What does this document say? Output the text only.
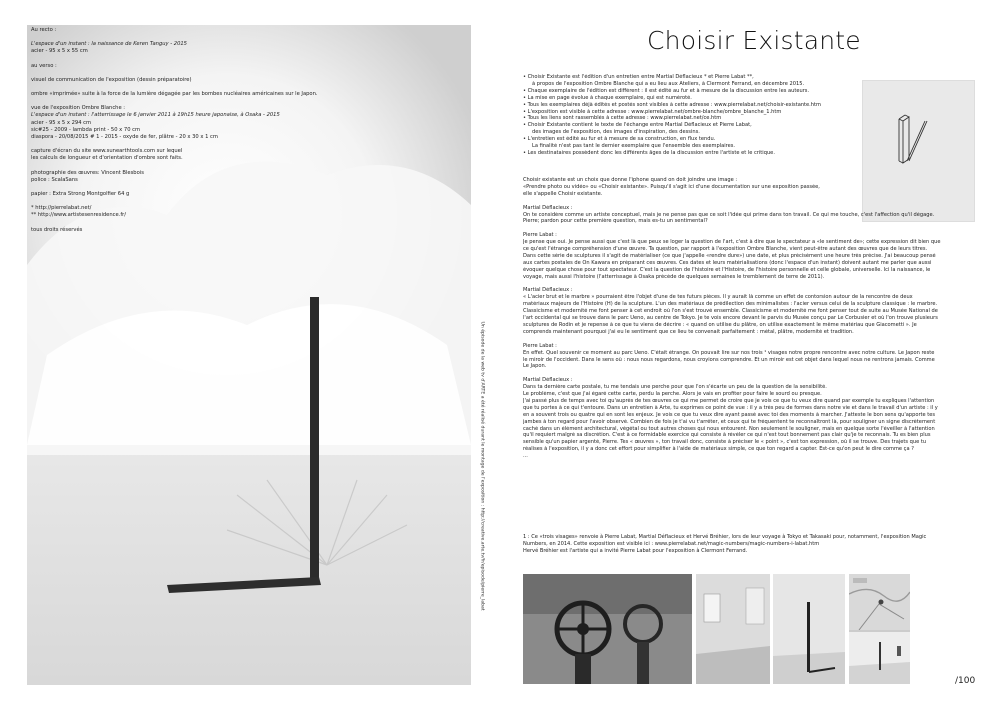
Au recto :
L'espace d'un instant : la naissance de Keren Tanguy - 2015
acier - 95 x 5 x 55 cm
au verso :
visuel de communication de l'exposition (dessin préparatoire)
ombre «imprimée» suite à la force de la lumière dégagée par les bombes nucléaires américaines sur le Japon.
vue de l'exposition Ombre Blanche :
L'espace d'un instant : l'atterrissage le 6 janvier 2011 à 19h15 heure japonaise, à Osaka - 2015
acier - 95 x 5 x 294 cm
sic#25 - 2009 - lambda print - 50 x 70 cm
diaspora - 20/08/2015 # 1 - 2015 - oxyde de fer, plâtre - 20 x 30 x 1 cm
capture d'écran du site www.sunearthtools.com sur lequel
les calculs de longueur et d'orientation d'ombre sont faits.
photographie des œuvres: Vincent Blesbois
police : ScalaSans
papier : Extra Strong Montgolfier 64 g
* http://pierrelabat.net/
** http://www.artistesenresidence.fr/
tous droits réservés
Un épisode de la web tv d'ARTE a été réalisé durant le montage de l'exposition : http://creative.arte.tv/fr/episode/pierre_labat
Choisir Existante
• Choisir Existante est l'édition d'un entretien entre Martial Déflacieux * et Pierre Labat **,
à propos de l'exposition Ombre Blanche qui a eu lieu aux Ateliers, à Clermont Ferrand, en décembre 2015.
• Chaque exemplaire de l'édition est différent : il est édité au fur et à mesure de la discussion entre les auteurs.
• La mise en page évolue à chaque exemplaire, qui est numéroté.
• Tous les exemplaires déjà édités et postés sont visibles à cette adresse : www.pierrelabat.net/choisir-existante.htm
• L'exposition est visible à cette adresse : www.pierrelabat.net/ombre-blanche/ombre_blanche_1.htm
• Tous les liens sont rassemblés à cette adresse : www.pierrelabat.net/ce.htm
• Choisir Existante contient le texte de l'échange entre Martial Déflacieux et Pierre Labat,
des images de l'exposition, des images d'inspiration, des dessins.
• L'entretien est édité au fur et à mesure de sa construction, en flux tendu.
La finalité n'est pas tant le dernier exemplaire que l'ensemble des exemplaires.
• Les destinataires possèdent donc les différents âges de la discussion entre l'artiste et le critique.
Choisir existante est un choix que donne l'iphone quand on doit joindre une image :
«Prendre photo ou vidéo» ou «Choisir existante». Puisqu'il s'agit ici d'une documentation sur une exposition passée,
elle s'appelle Choisir existante.
Martial Déflacieux :
On te considère comme un artiste conceptuel, mais je ne pense pas que ce soit l'idée qui prime dans ton travail. Ce qui me touche, c'est l'affection qu'il dégage.
Pierre; pardon pour cette première question, mais es-tu un sentimental?
Pierre Labat :
Je pense que oui. Je pense aussi que c'est là que peux se loger la question de l'art, c'est à dire que le spectateur a «le sentiment de»; cette expression dit bien que
ce qu'est l'étrange compréhension d'une œuvre. Ta question, par rapport à l'exposition Ombre Blanche, vient peut-être autant des œuvres que de leurs titres.
Dans cette série de sculptures il s'agit de matérialiser (ce que j'appelle «rendre dure») une date, et plus précisément une heure très précise. J'ai beaucoup pensé
aux cartes postales de On Kawara en préparant ces œuvres. Ces dates et leurs matérialisations (donc l'espace d'un instant) doivent autant me parler que aussi
évoquer quelque chose pour tout spectateur. C'est la question de l'histoire et l'Histoire, de l'histoire personnelle et celle globale, universelle. Ici la naissance, le
voyage, mais aussi l'histoire (l'atterrissage à Osaka précède de quelques semaines le tremblement de terre de 2011).
Martial Déflacieux :
« L'acier brut et le marbre » pourraient être l'objet d'une de tes futurs pièces. Il y aurait là comme un effet de contorsion autour de la rencontre de deux
matériaux majeurs de l'Histoire (H) de la sculpture. L'un des matériaux de prédilection des minimalistes : l'acier versus celui de la sculpture classique : le marbre.
Classicisme et modernité me font penser à cet endroit où l'on s'est trouvé ensemble. Classicisme et modernité me font penser tout de suite au Musée National de
l'art occidental qui se trouve dans le parc Ueno, au centre de Tokyo. Je te vois encore devant le parvis du Musée conçu par Le Corbusier et où l'on trouve plusieurs
sculptures de Rodin et je repense à ce que tu viens de décrire : « quand on utilise du plâtre, on utilise exactement le même matériau que Giacometti ». Je
comprends maintenant pourquoi j'ai eu le sentiment que ce lieu te convenait parfaitement : métal, plâtre, modernité et tradition.
Pierre Labat :
En effet. Quel souvenir ce moment au parc Ueno. C'était étrange. On pouvait lire sur nos trois ¹ visages notre propre rencontre avec notre culture. Le Japon reste
le miroir de l'occident. Dans le sens où : nous nous regardons, nous croyions comprendre. Et un miroir est cet objet dans lequel nous ne rentrons jamais. Comme
Le Japon.
Martial Déflacieux :
Dans ta dernière carte postale, tu me tendais une perche pour que l'on s'écarte un peu de la question de la sensibilité.
Le problème, c'est que j'ai égaré cette carte, perdu la perche. Alors je vais en profiter pour faire le sourd ou presque.
J'ai passé plus de temps avec toi qu'auprès de tes œuvres ce qui me permet de croire que je vois ce que tu veux dire quand par exemple tu expliques l'attention
que tu portes à ce qui t'entoure. Dans un entretien à Arte, tu exprimes ce point de vue : il y a très peu de formes dans notre vie et dans le travail d'un artiste : il y
en a souvent trois ou quatre qui en sont les enjeux. Je vois ce que tu veux dire ayant passé avec toi des moments à marcher. J'atteste le bon sens qu'apporte tes
jambes à ton regard pour l'avoir observé. Combien de fois je t'ai vu t'arrêter, et ceux qui te fréquentent te reconnaîtront là, pour souligner un signe discrètement
caché dans un élément architectural, végétal ou tout autres choses qui nous entourent. Non seulement le souligner, mais en quelque sorte l'éveiller à l'attention
qu'il requiert malgré sa discrétion. C'est à ce formidable exercice qui consiste à révéler ce qui n'est tout bonnement pas clair qu'je te reconnais. Tu es bien plus
sensible qu'un papier argenté, Pierre. Tes « œuvres », ton travail donc, consiste à préciser le « point », c'est ton expression, où il se trouve. Des trajets que tu
réalises à l'exposition, il y a donc cet effort pour simplifier à l'aide de matériaux simple, ce que ton regard a capter. Est-ce qu'on peut le dire comme ça ?
...
1 : Ce «trois visages» renvoie à Pierre Labat, Martial Déflacieux et Hervé Bréhier, lors de leur voyage à Tokyo et Takasaki pour, notamment, l'exposition Magic
Numbers, en 2014. Cette exposition est visible ici : www.pierrelabat.net/magic-numbers/magic-numbers-i-labat.htm
Hervé Bréhier est l'artiste qui a invité Pierre Labat pour l'exposition à Clermont Ferrand.
/100
